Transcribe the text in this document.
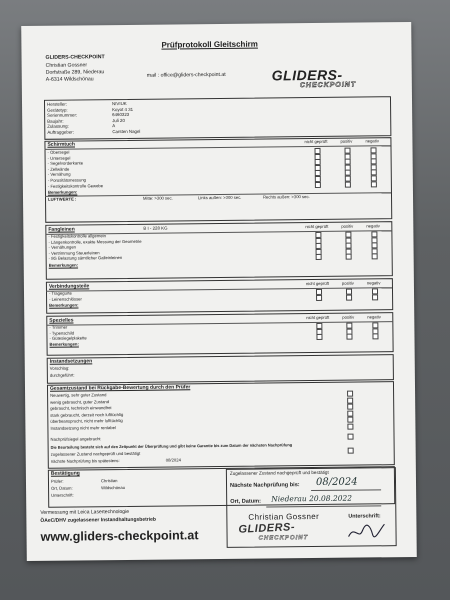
Prüfprotokoll Gleitschirm
GLIDERS-CHECKPOINT
Christian Gossner
Dorfstraße 289, Niederau
A-6314 Wildschönau
mail : office@gliders-checkpoint.at	GLIDERS-
CHECKPOINT
Schirmtuch
Fangleinen	B I - 228 KG
Verbindungsteile
Spezielles
Instandsetzungen
Vorschlag:
durchgeführt:
Gesamtzustand bei Rückgabe-Bewertung durch den Prüfer
Nachprüfsiegel angebracht
Die Beurteilung besteht sich auf den Zeitpunkt der Überprüfung und gibt keine Garantie bis zum Datum der nächsten Nachprüfung
zugelassener Zustand nachgeprüft und bestätigt
nächste Nachprüfung bis spätestens:	08/2024
Bestätigung
Prüfer:	Christian
Ort, Datum:	Wildschönau
Unterschrift:
Zugelassener Zustand nachgeprüft und bestätigt
Nächste Nachprüfung bis: 08/2024
Ort, Datum: Niederau 20.08.2022
Christian Gossner	Unterschrift:
GLIDERS-
CHECKPOINT
Vermessung mit Leica Lasertechnologie
ÖAeC/DHV zugelassener Instandhaltungsbetrieb
www.gliders-checkpoint.at
Hersteller:	NIVIUK
Gerätetyp:	Koyot 4 31
Seriennummer:	6460323
Baujahr:	Juli 20
Zulassung:	A
Auftraggeber:	Carsten Nagel
nicht geprüft	positiv	negativ
- Obersegel
- Untersegel
- Segelvorderkante
- Zellwände
- Vernähung
- Porositätsmessung
- Festigkeitskontrolle Gewebe
Bemerkungen:
LUFTWERTE :	Mitte: >300 sec.	Links außen: >300 sec.	Rechts außen: >300 sec.
nicht geprüft	positiv	negativ
- Festigkeitskontrolle allgemein
- Längenkontrolle, exakte Messung der Geometrie
- Vernähungen
- Vertrimmung Steuerleinen
- 8G Belastung sämtlicher Galleinleinen
Bemerkungen:
nicht geprüft	positiv	negativ
- Tragegurte
- Leinenschlösser
Bemerkungen:
nicht geprüft	positiv	negativ
- Trimmer
- Typenschild
- Gütesiegelplakette
Bemerkungen:
Neuwertig, sehr guter Zustand
wenig gebraucht, guter Zustand
gebraucht, technisch einwandfrei
stark gebraucht, derzeit noch lufttüchtig
überbeansprucht, nicht mehr lufttüchtig
Instandsetzung nicht mehr rentabel
